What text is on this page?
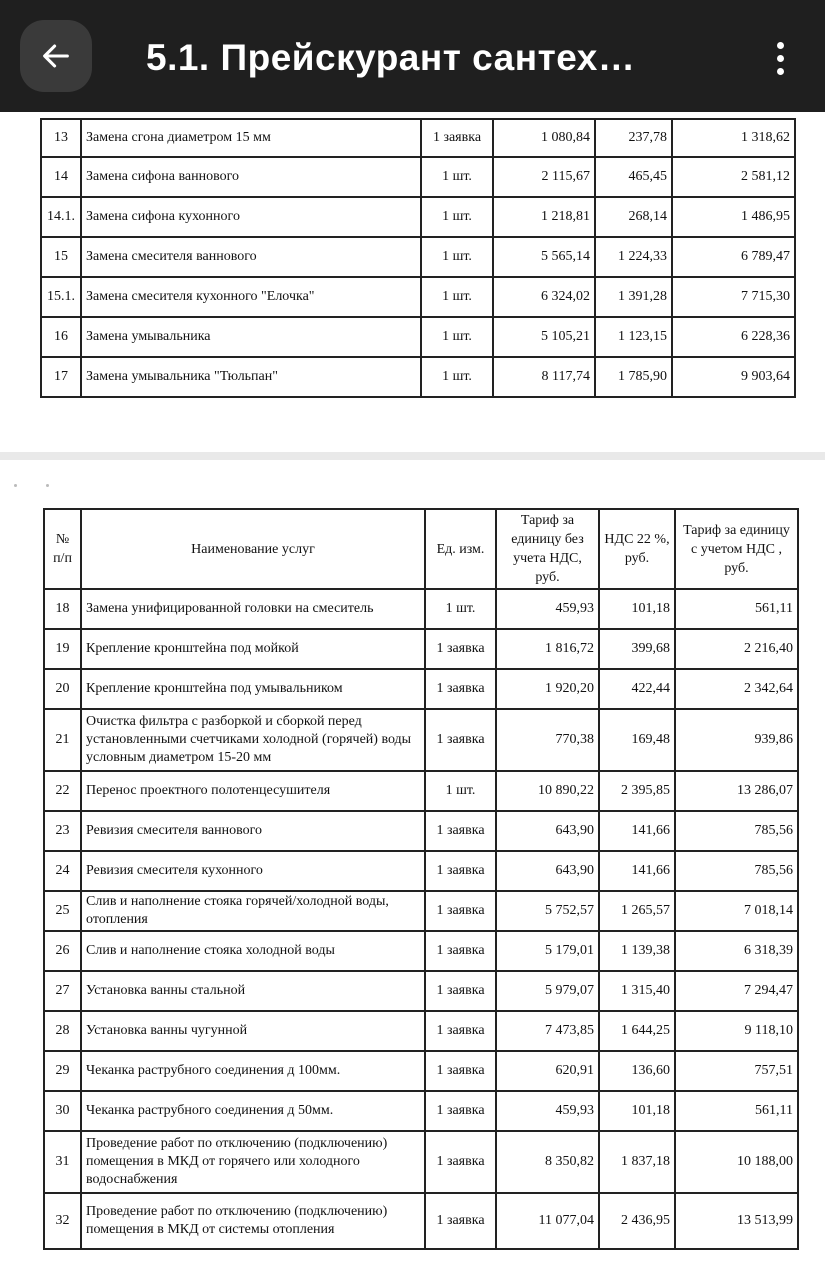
5.1. Прейскурант сантех…
13	Замена сгона диаметром 15 мм	1 заявка	1 080,84	237,78	1 318,62
14	Замена сифона ваннового	1 шт.	2 115,67	465,45	2 581,12
14.1.	Замена сифона кухонного	1 шт.	1 218,81	268,14	1 486,95
15	Замена смесителя ваннового	1 шт.	5 565,14	1 224,33	6 789,47
15.1.	Замена смесителя кухонного "Елочка"	1 шт.	6 324,02	1 391,28	7 715,30
16	Замена умывальника	1 шт.	5 105,21	1 123,15	6 228,36
17	Замена умывальника "Тюльпан"	1 шт.	8 117,74	1 785,90	9 903,64
№ п/п	Наименование услуг	Ед. изм.	Тариф за единицу без учета НДС, руб.	НДС 22 %, руб.	Тариф за единицу с учетом НДС , руб.
18	Замена унифицированной головки на смеситель	1 шт.	459,93	101,18	561,11
19	Крепление кронштейна под мойкой	1 заявка	1 816,72	399,68	2 216,40
20	Крепление кронштейна под умывальником	1 заявка	1 920,20	422,44	2 342,64
21	Очистка фильтра с разборкой и сборкой перед установленными счетчиками холодной (горячей) воды условным диаметром 15-20 мм	1 заявка	770,38	169,48	939,86
22	Перенос проектного полотенцесушителя	1 шт.	10 890,22	2 395,85	13 286,07
23	Ревизия смесителя ваннового	1 заявка	643,90	141,66	785,56
24	Ревизия смесителя кухонного	1 заявка	643,90	141,66	785,56
25	Слив и наполнение стояка горячей/холодной воды, отопления	1 заявка	5 752,57	1 265,57	7 018,14
26	Слив и наполнение стояка холодной воды	1 заявка	5 179,01	1 139,38	6 318,39
27	Установка ванны стальной	1 заявка	5 979,07	1 315,40	7 294,47
28	Установка ванны чугунной	1 заявка	7 473,85	1 644,25	9 118,10
29	Чеканка раструбного соединения д 100мм.	1 заявка	620,91	136,60	757,51
30	Чеканка раструбного соединения д 50мм.	1 заявка	459,93	101,18	561,11
31	Проведение работ по отключению (подключению) помещения в МКД от горячего или холодного водоснабжения	1 заявка	8 350,82	1 837,18	10 188,00
32	Проведение работ по отключению (подключению) помещения в МКД от системы отопления	1 заявка	11 077,04	2 436,95	13 513,99
